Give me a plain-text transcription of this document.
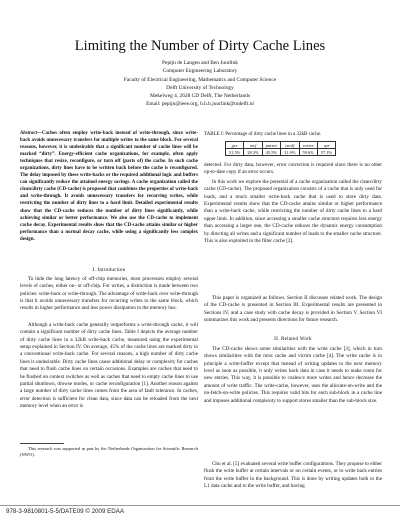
Limiting the Number of Dirty Cache Lines
Pepijn de Langen and Ben Juurlink
Computer Engineering Laboratory
Faculty of Electrical Engineering, Mathematics and Computer Science
Delft University of Technology
Mekelweg 4, 2628 CD Delft, The Netherlands
Email: pepijn@ieee.org, b.h.h.juurlink@tudelft.nl

Abstract—Caches often employ write-back instead of write-through, since write-back avoids unnecessary transfers for multiple writes to the same block. For several reasons, however, it is undesirable that a significant number of cache lines will be marked “dirty”. Energy-efficient cache organizations, for example, often apply techniques that resize, reconfigure, or turn off (parts of) the cache. In such cache organizations, dirty lines have to be written back before the cache is reconfigured. The delay imposed by these write-backs or the required additional logic and buffers can significantly reduce the attained energy savings. A cache organization called the clean/dirty cache (CD-cache) is proposed that combines the properties of write-back and write-through. It avoids unnecessary transfers for recurring writes, while restricting the number of dirty lines to a hard limit. Detailed experimental results show that the CD-cache reduces the number of dirty lines significantly, while achieving similar or better performance. We also use the CD-cache to implement cache decay. Experimental results show that the CD-cache attains similar or higher performance than a normal decay cache, while using a significantly less complex design.

I. Introduction

To hide the long latency of off-chip memories, most processors employ several levels of caches, either on- or off-chip. For writes, a distinction is made between two policies: write-back or write-through. The advantage of write-back over write-through is that it avoids unnecessary transfers for recurring writes to the same block, which results in higher performance and less power dissipation in the memory bus.

Although a write-back cache generally outperforms a write-through cache, it will contain a significant number of dirty cache lines. Table I depicts the average number of dirty cache lines in a 32kB write-back cache, measured using the experimental setup explained in Section IV. On average, 45% of the cache lines are marked dirty in a conventional write-back cache. For several reasons, a high number of dirty cache lines is undesirable. Dirty cache lines cause additional delay or complexity for caches that need to flush cache lines on certain occasions. Examples are caches that need to be flushed on context switches as well as caches that need to empty cache lines to use partial shutdown, drowse modes, or cache reconfiguration [1]. Another reason against a large number of dirty cache lines comes from the area of fault tolerance. In caches, error detection is sufficient for clean data, since data can be reloaded from the next memory level when an error is

This research was supported in part by the Netherlands Organization for Scientific Research (NWO).
TABLE I: Percentage of dirty cache lines in a 32kB cache.
gcc	mcf	parser	twolf	vortex	vpr
51.5%	28.3%	45.5%	31.9%	59.6%	57.1%

detected. For dirty data, however, error correction is required since there is no other up-to-date copy if an error occurs.

In this work we explore the potential of a cache organization called the clean/dirty cache (CD-cache). The proposed organization consists of a cache that is only used for loads, and a much smaller write-back cache that is used to store dirty data. Experimental results show that the CD-cache attains similar or higher performance than a write-back cache, while restricting the number of dirty cache lines to a hard upper limit. In addition, since accessing a smaller cache structure requires less energy than accessing a larger one, the CD-cache reduces the dynamic energy consumption by directing all writes and a significant number of loads to the smaller cache structure. This is also exploited in the filter cache [2].

This paper is organized as follows. Section II discusses related work. The design of the CD-cache is presented in Section III. Experimental results are presented in Sections IV, and a case study with cache decay is provided in Section V. Section VI summarizes this work and presents directions for future research.

II. Related Work

The CD-cache shows some similarities with the write cache [3], which in turn shows similarities with the miss cache and victim cache [4]. The write cache is in principle a write-buffer except that instead of writing updates to the next memory level as soon as possible, it only writes back data in case it needs to make room for new entries. This way, it is possible to coalesce more writes and hence decrease the amount of write traffic. The write-cache, however, uses the allocate-on-write and the no-fetch-on-write policies. This requires valid bits for each sub-block in a cache line and imposes additional complexity to support stores smaller than the sub-block size.

Chu et al. [5] evaluated several write buffer configurations. They propose to either flush the write buffer at certain intervals or on certain events, or to write back entries from the write buffer in the background. This is done by writing updates both to the L1 data cache and to the write buffer, and having

978-3-9810801-5-5/DATE09 © 2009 EDAA
